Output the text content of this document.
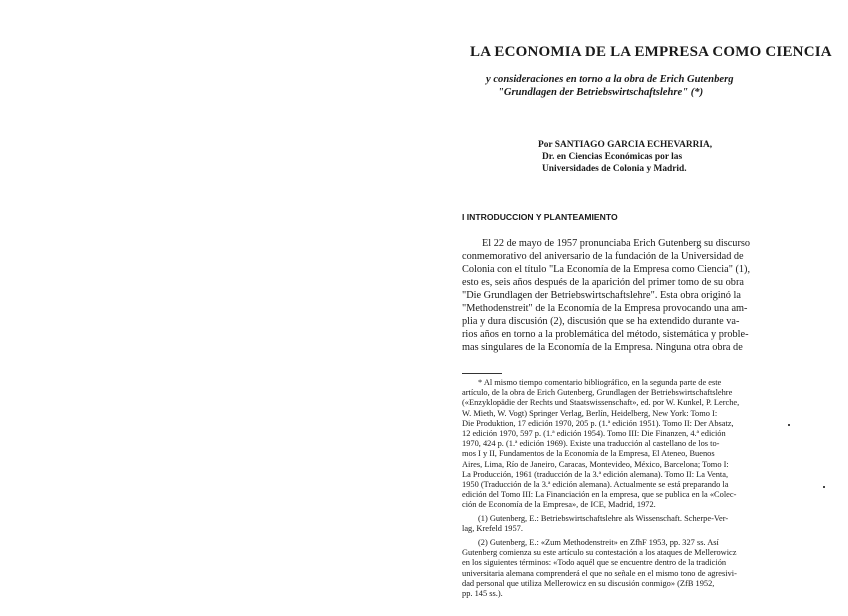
LA ECONOMIA DE LA EMPRESA COMO CIENCIA
y consideraciones en torno a la obra de Erich Gutenberg
"Grundlagen der Betriebswirtschaftslehre" (*)
Por SANTIAGO GARCIA ECHEVARRIA,
Dr. en Ciencias Económicas por las
Universidades de Colonia y Madrid.
I INTRODUCCION Y PLANTEAMIENTO
El 22 de mayo de 1957 pronunciaba Erich Gutenberg su discurso
conmemorativo del aniversario de la fundación de la Universidad de
Colonia con el título "La Economía de la Empresa como Ciencia" (1),
esto es, seis años después de la aparición del primer tomo de su obra
"Die Grundlagen der Betriebswirtschaftslehre". Esta obra originó la
"Methodenstreit" de la Economía de la Empresa provocando una am-
plia y dura discusión (2), discusión que se ha extendido durante va-
rios años en torno a la problemática del método, sistemática y proble-
mas singulares de la Economía de la Empresa. Ninguna otra obra de
* Al mismo tiempo comentario bibliográfico, en la segunda parte de este
artículo, de la obra de Erich Gutenberg, Grundlagen der Betriebswirtschaftslehre
(«Enzyklopädie der Rechts und Staatswissenschaft», ed. por W. Kunkel, P. Lerche,
W. Mieth, W. Vogt) Springer Verlag, Berlín, Heidelberg, New York: Tomo I:
Die Produktion, 17 edición 1970, 205 p. (1.ª edición 1951). Tomo II: Der Absatz,
12 edición 1970, 597 p. (1.ª edición 1954). Tomo III: Die Finanzen, 4.ª edición
1970, 424 p. (1.ª edición 1969). Existe una traducción al castellano de los to-
mos I y II, Fundamentos de la Economía de la Empresa, El Ateneo, Buenos
Aires, Lima, Río de Janeiro, Caracas, Montevideo, México, Barcelona; Tomo I:
La Producción, 1961 (traducción de la 3.ª edición alemana). Tomo II: La Venta,
1950 (Traducción de la 3.ª edición alemana). Actualmente se está preparando la
edición del Tomo III: La Financiación en la empresa, que se publica en la «Colec-
ción de Economía de la Empresa», de ICE, Madrid, 1972.
(1) Gutenberg, E.: Betriebswirtschaftslehre als Wissenschaft. Scherpe-Ver-
lag, Krefeld 1957.
(2) Gutenberg, E.: «Zum Methodenstreit» en ZfhF 1953, pp. 327 ss. Así
Gutenberg comienza su este artículo su contestación a los ataques de Mellerowicz
en los siguientes términos: «Todo aquél que se encuentre dentro de la tradición
universitaria alemana comprenderá el que no señale en el mismo tono de agresivi-
dad personal que utiliza Mellerowicz en su discusión conmigo» (ZfB 1952,
pp. 145 ss.).
